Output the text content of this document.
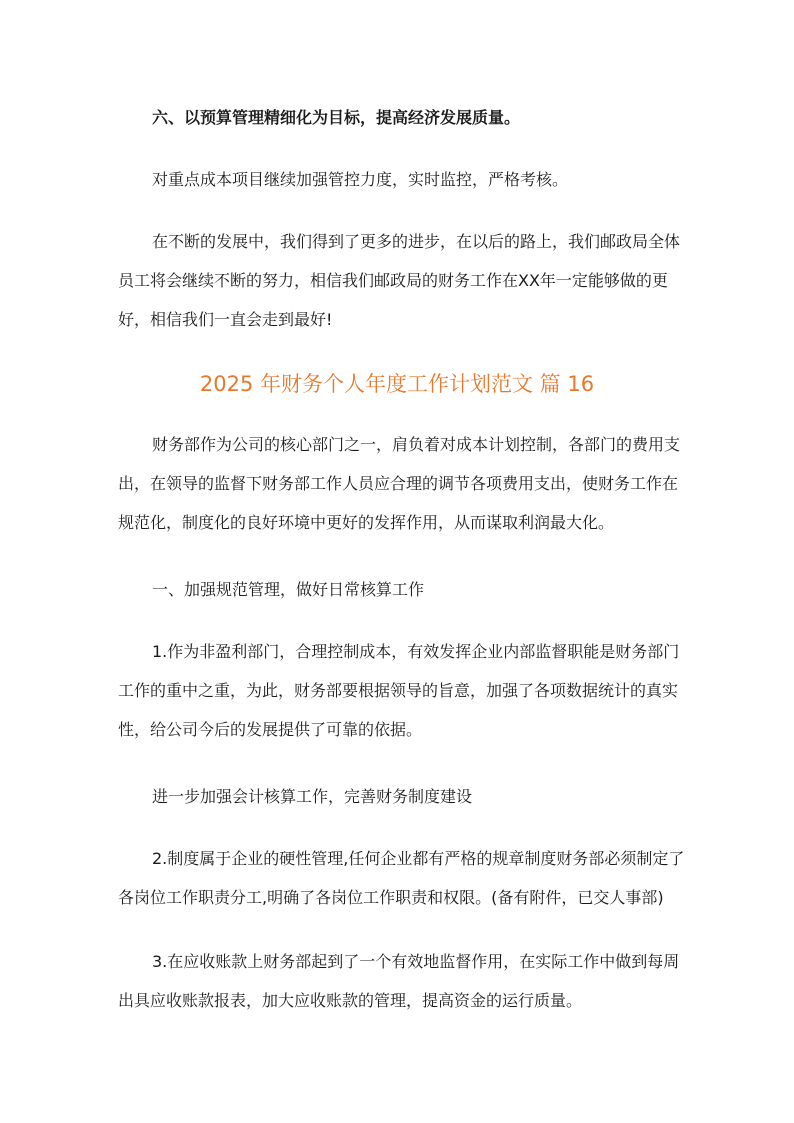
六、以预算管理精细化为目标，提高经济发展质量。

对重点成本项目继续加强管控力度，实时监控，严格考核。

在不断的发展中，我们得到了更多的进步，在以后的路上，我们邮政局全体员工将会继续不断的努力，相信我们邮政局的财务工作在XX年一定能够做的更好，相信我们一直会走到最好!

2025 年财务个人年度工作计划范文 篇 16

财务部作为公司的核心部门之一，肩负着对成本计划控制，各部门的费用支出，在领导的监督下财务部工作人员应合理的调节各项费用支出，使财务工作在规范化，制度化的良好环境中更好的发挥作用，从而谋取利润最大化。

一、加强规范管理，做好日常核算工作

1.作为非盈利部门，合理控制成本，有效发挥企业内部监督职能是财务部门工作的重中之重，为此，财务部要根据领导的旨意，加强了各项数据统计的真实性，给公司今后的发展提供了可靠的依据。

进一步加强会计核算工作，完善财务制度建设

2.制度属于企业的硬性管理,任何企业都有严格的规章制度财务部必须制定了各岗位工作职责分工,明确了各岗位工作职责和权限。(备有附件，已交人事部)

3.在应收账款上财务部起到了一个有效地监督作用，在实际工作中做到每周出具应收账款报表，加大应收账款的管理，提高资金的运行质量。
